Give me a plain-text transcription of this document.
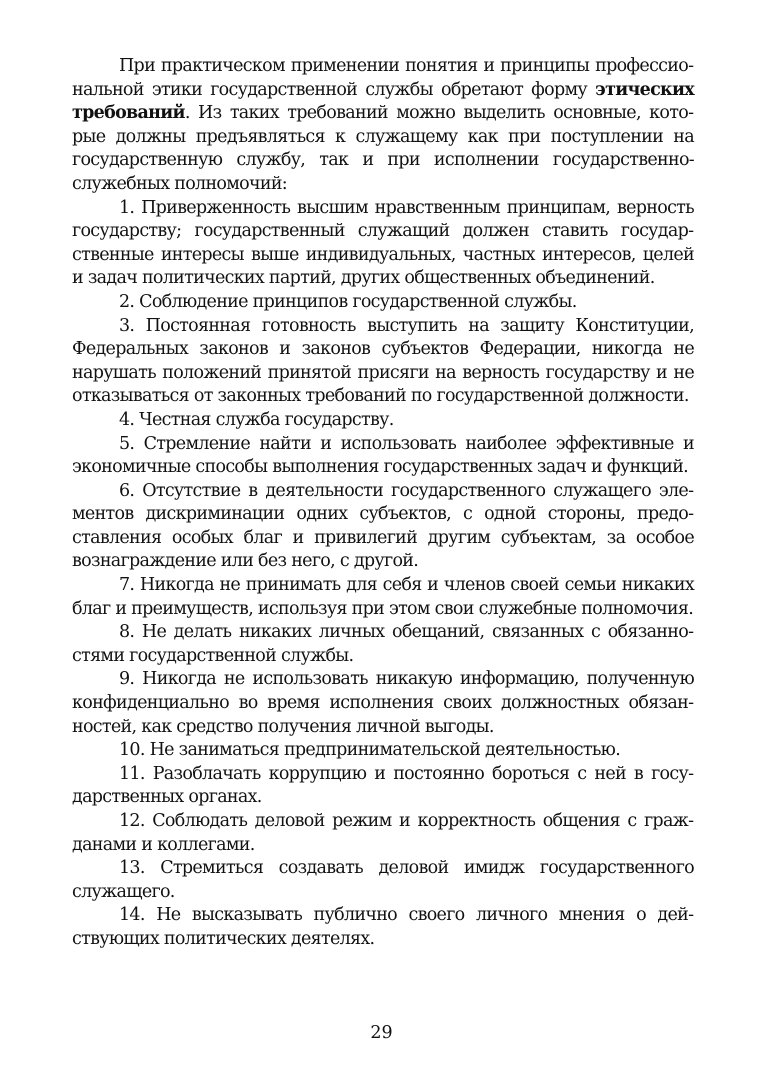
При практическом применении понятия и принципы профессиональной этики государственной службы обретают форму этических требований. Из таких требований можно выделить основные, которые должны предъявляться к служащему как при поступлении на государственную службу, так и при исполнении государственно-служебных полномочий:

1. Приверженность высшим нравственным принципам, верность государству; государственный служащий должен ставить государственные интересы выше индивидуальных, частных интересов, целей и задач политических партий, других общественных объединений.

2. Соблюдение принципов государственной службы.

3. Постоянная готовность выступить на защиту Конституции, Федеральных законов и законов субъектов Федерации, никогда не нарушать положений принятой присяги на верность государству и не отказываться от законных требований по государственной должности.

4. Честная служба государству.

5. Стремление найти и использовать наиболее эффективные и экономичные способы выполнения государственных задач и функций.

6. Отсутствие в деятельности государственного служащего элементов дискриминации одних субъектов, с одной стороны, предоставления особых благ и привилегий другим субъектам, за особое вознаграждение или без него, с другой.

7. Никогда не принимать для себя и членов своей семьи никаких благ и преимуществ, используя при этом свои служебные полномочия.

8. Не делать никаких личных обещаний, связанных с обязанностями государственной службы.

9. Никогда не использовать никакую информацию, полученную конфиденциально во время исполнения своих должностных обязанностей, как средство получения личной выгоды.

10. Не заниматься предпринимательской деятельностью.

11. Разоблачать коррупцию и постоянно бороться с ней в государственных органах.

12. Соблюдать деловой режим и корректность общения с гражданами и коллегами.

13. Стремиться создавать деловой имидж государственного служащего.

14. Не высказывать публично своего личного мнения о действующих политических деятелях.

29
